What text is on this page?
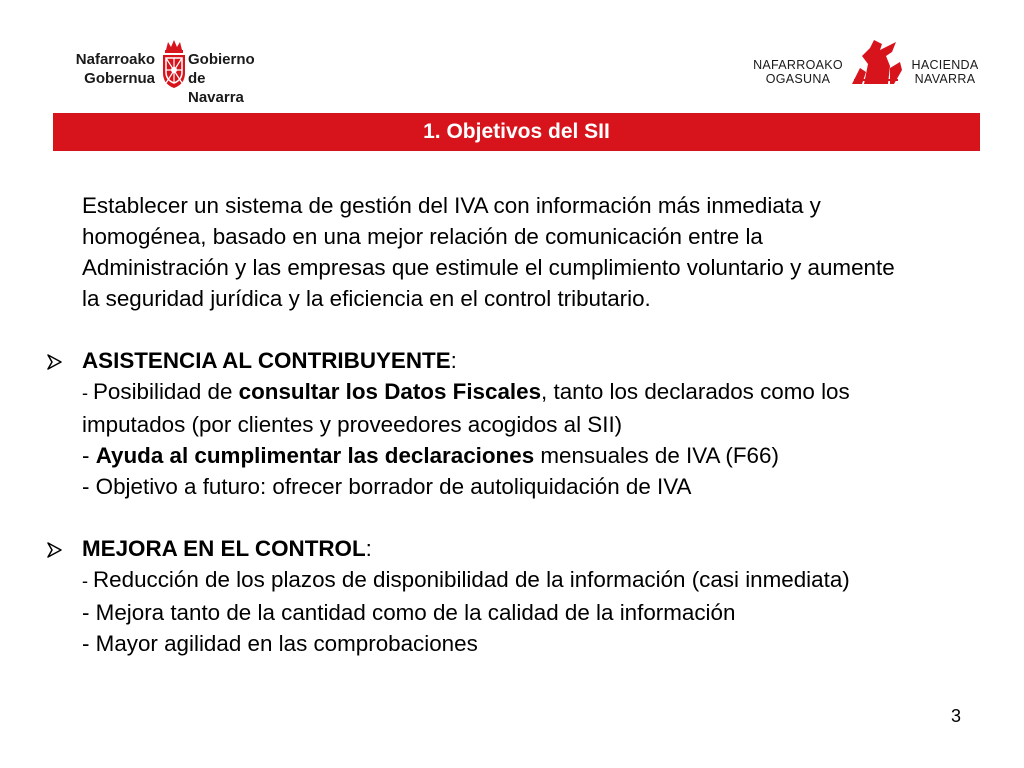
Nafarroako
Gobernua
Gobierno
de Navarra
NAFARROAKO
OGASUNA
HACIENDA
NAVARRA
1. Objetivos del SII
Establecer un sistema de gestión del IVA con información más inmediata y
homogénea, basado en una mejor relación de comunicación entre la
Administración y las empresas que estimule el cumplimiento voluntario y aumente
la seguridad jurídica y la eficiencia en el control tributario.
ASISTENCIA AL CONTRIBUYENTE:
- Posibilidad de consultar los Datos Fiscales, tanto los declarados como los
imputados (por clientes y proveedores acogidos al SII)
- Ayuda al cumplimentar las declaraciones mensuales de IVA (F66)
- Objetivo a futuro: ofrecer borrador de autoliquidación de IVA
MEJORA EN EL CONTROL:
- Reducción de los plazos de disponibilidad de la información (casi inmediata)
- Mejora tanto de la cantidad como de la calidad de la información
- Mayor agilidad en las comprobaciones
3
